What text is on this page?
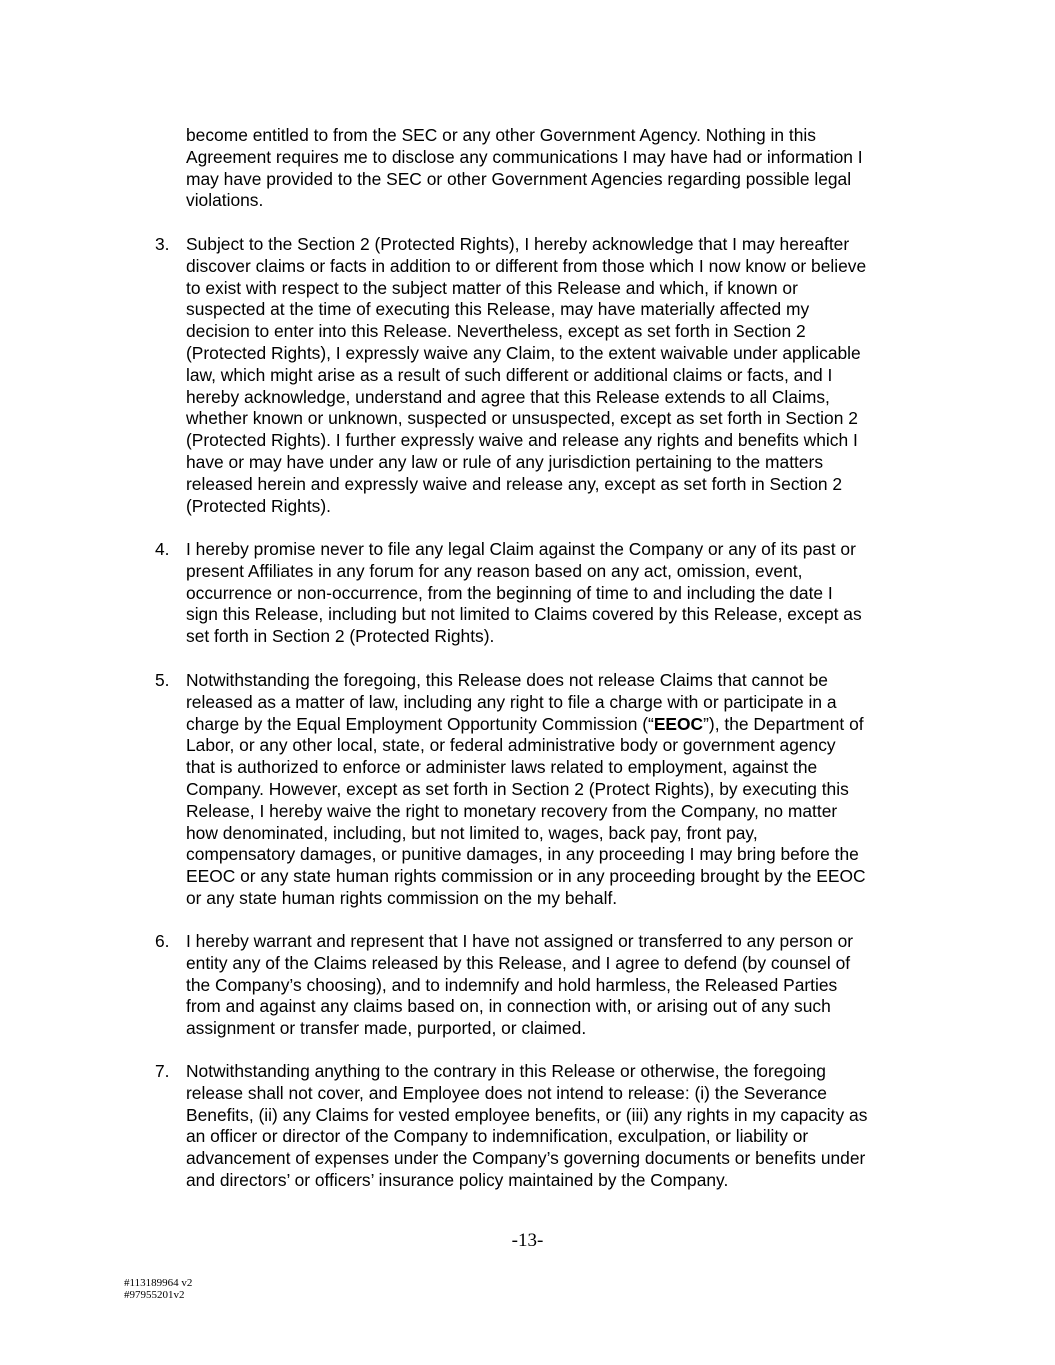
become entitled to from the SEC or any other Government Agency. Nothing in this
Agreement requires me to disclose any communications I may have had or information I
may have provided to the SEC or other Government Agencies regarding possible legal
violations.
3. Subject to the Section 2 (Protected Rights), I hereby acknowledge that I may hereafter
discover claims or facts in addition to or different from those which I now know or believe
to exist with respect to the subject matter of this Release and which, if known or
suspected at the time of executing this Release, may have materially affected my
decision to enter into this Release. Nevertheless, except as set forth in Section 2
(Protected Rights), I expressly waive any Claim, to the extent waivable under applicable
law, which might arise as a result of such different or additional claims or facts, and I
hereby acknowledge, understand and agree that this Release extends to all Claims,
whether known or unknown, suspected or unsuspected, except as set forth in Section 2
(Protected Rights). I further expressly waive and release any rights and benefits which I
have or may have under any law or rule of any jurisdiction pertaining to the matters
released herein and expressly waive and release any, except as set forth in Section 2
(Protected Rights).
4. I hereby promise never to file any legal Claim against the Company or any of its past or
present Affiliates in any forum for any reason based on any act, omission, event,
occurrence or non-occurrence, from the beginning of time to and including the date I
sign this Release, including but not limited to Claims covered by this Release, except as
set forth in Section 2 (Protected Rights).
5. Notwithstanding the foregoing, this Release does not release Claims that cannot be
released as a matter of law, including any right to file a charge with or participate in a
charge by the Equal Employment Opportunity Commission (“EEOC”), the Department of
Labor, or any other local, state, or federal administrative body or government agency
that is authorized to enforce or administer laws related to employment, against the
Company. However, except as set forth in Section 2 (Protect Rights), by executing this
Release, I hereby waive the right to monetary recovery from the Company, no matter
how denominated, including, but not limited to, wages, back pay, front pay,
compensatory damages, or punitive damages, in any proceeding I may bring before the
EEOC or any state human rights commission or in any proceeding brought by the EEOC
or any state human rights commission on the my behalf.
6. I hereby warrant and represent that I have not assigned or transferred to any person or
entity any of the Claims released by this Release, and I agree to defend (by counsel of
the Company’s choosing), and to indemnify and hold harmless, the Released Parties
from and against any claims based on, in connection with, or arising out of any such
assignment or transfer made, purported, or claimed.
7. Notwithstanding anything to the contrary in this Release or otherwise, the foregoing
release shall not cover, and Employee does not intend to release: (i) the Severance
Benefits, (ii) any Claims for vested employee benefits, or (iii) any rights in my capacity as
an officer or director of the Company to indemnification, exculpation, or liability or
advancement of expenses under the Company’s governing documents or benefits under
and directors’ or officers’ insurance policy maintained by the Company.
-13-
#113189964 v2
#97955201v2
